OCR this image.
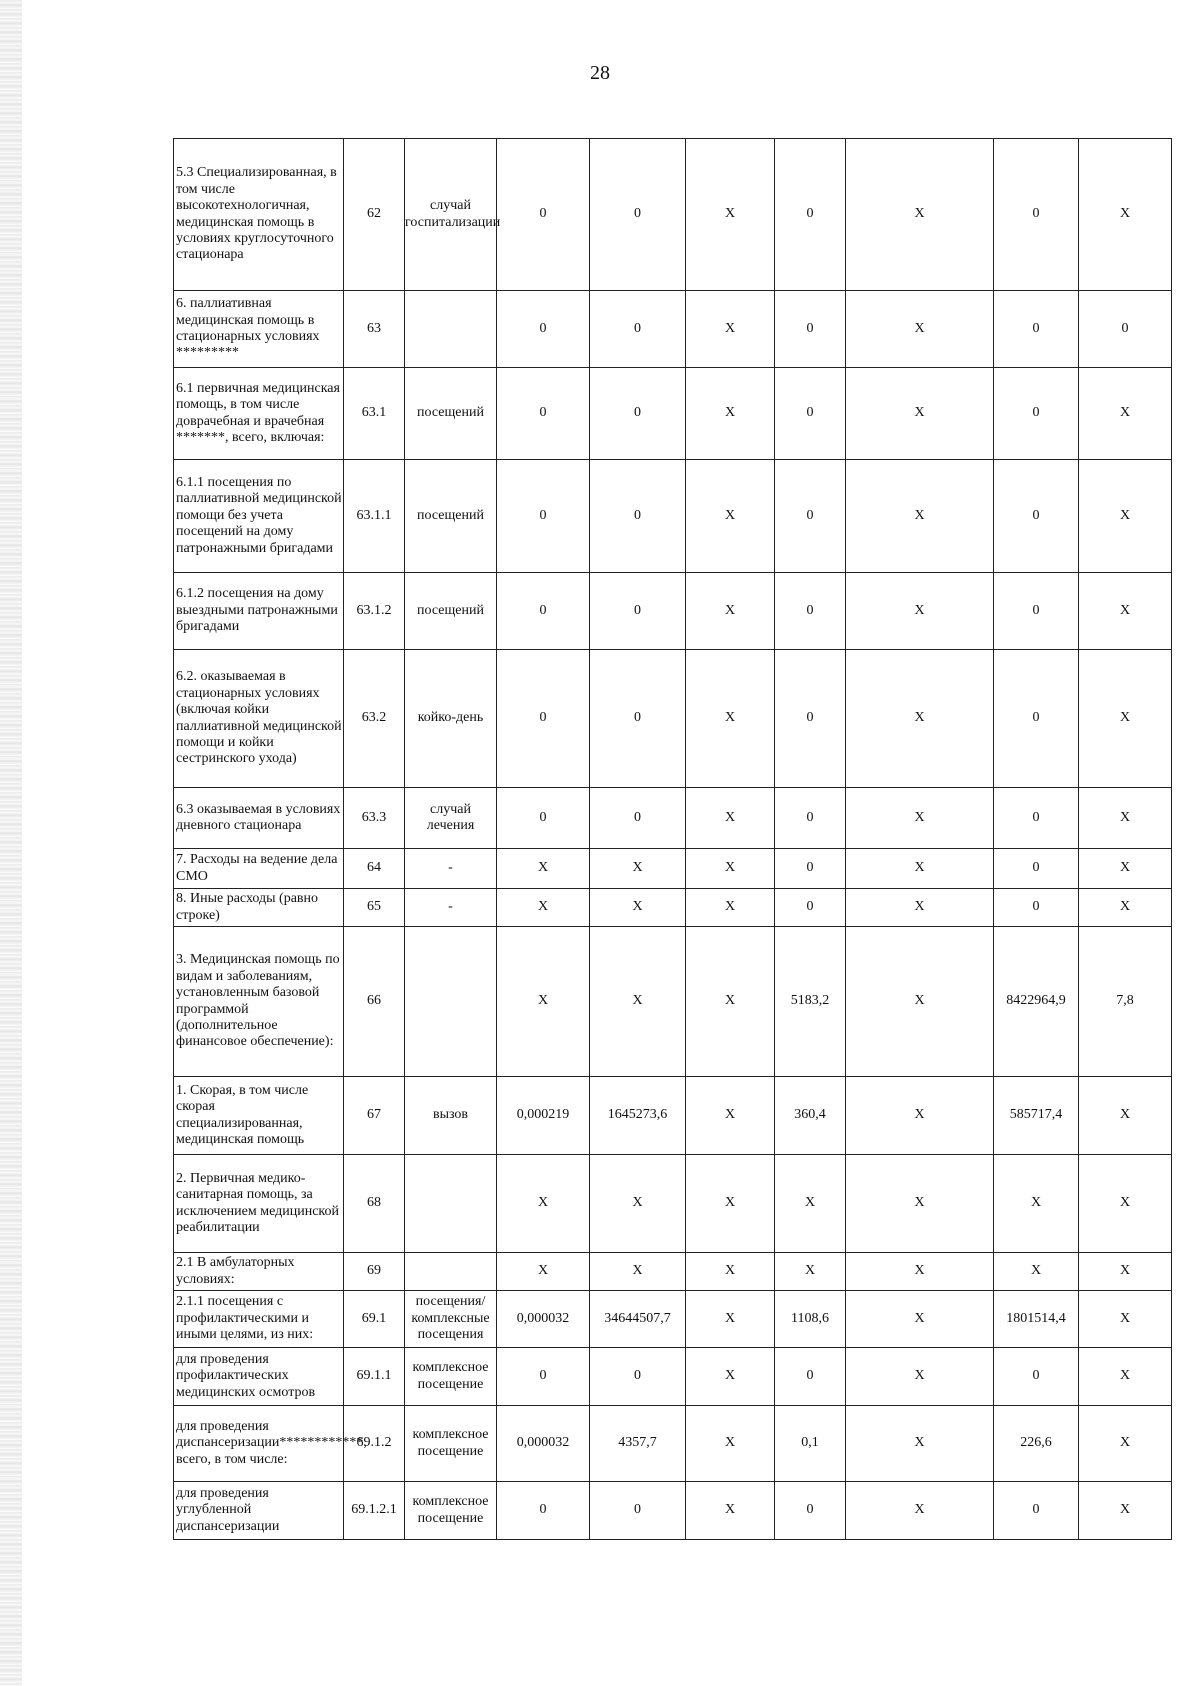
28
5.3 Специализированная, в том числе высокотехнологичная, медицинская помощь в условиях круглосуточного стационара	62	случай госпитализации	0	0	X	0	X	0	X
6. паллиативная медицинская помощь в стационарных условиях *********	63		0	0	X	0	X	0	0
6.1 первичная медицинская помощь, в том числе доврачебная и врачебная *******, всего, включая:	63.1	посещений	0	0	X	0	X	0	X
6.1.1 посещения по паллиативной медицинской помощи без учета посещений на дому патронажными бригадами	63.1.1	посещений	0	0	X	0	X	0	X
6.1.2 посещения на дому выездными патронажными бригадами	63.1.2	посещений	0	0	X	0	X	0	X
6.2. оказываемая в стационарных условиях (включая койки паллиативной медицинской помощи и койки сестринского ухода)	63.2	койко-день	0	0	X	0	X	0	X
6.3 оказываемая в условиях дневного стационара	63.3	случай лечения	0	0	X	0	X	0	X
7. Расходы на ведение дела СМО	64	-	X	X	X	0	X	0	X
8. Иные расходы (равно строке)	65	-	X	X	X	0	X	0	X
3. Медицинская помощь по видам и заболеваниям, установленным базовой программой (дополнительное финансовое обеспечение):	66		X	X	X	5183,2	X	8422964,9	7,8
1. Скорая, в том числе скорая специализированная, медицинская помощь	67	вызов	0,000219	1645273,6	X	360,4	X	585717,4	X
2. Первичная медико-санитарная помощь, за исключением медицинской реабилитации	68		X	X	X	X	X	X	X
2.1 В амбулаторных условиях:	69		X	X	X	X	X	X	X
2.1.1 посещения с профилактическими и иными целями, из них:	69.1	посещения/комплексные посещения	0,000032	34644507,7	X	1108,6	X	1801514,4	X
для проведения профилактических медицинских осмотров	69.1.1	комплексное посещение	0	0	X	0	X	0	X
для проведения диспансеризации************, всего, в том числе:	69.1.2	комплексное посещение	0,000032	4357,7	X	0,1	X	226,6	X
для проведения углубленной диспансеризации	69.1.2.1	комплексное посещение	0	0	X	0	X	0	X
